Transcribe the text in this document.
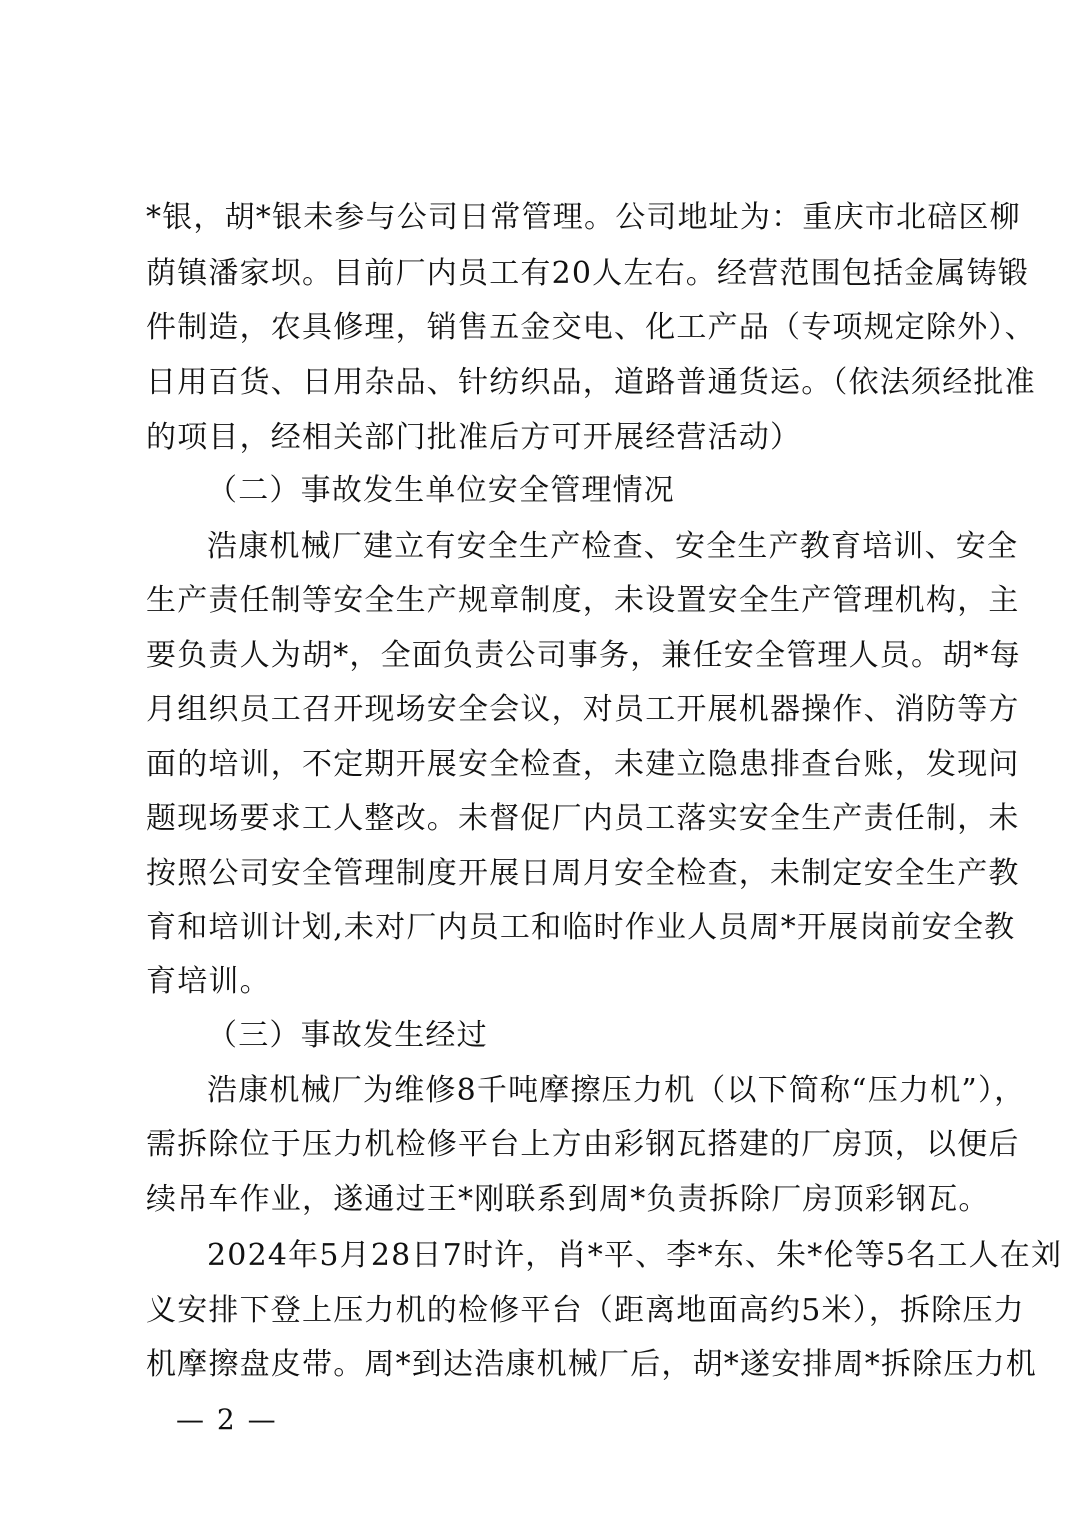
*银，胡*银未参与公司日常管理。公司地址为：重庆市北碚区柳
荫镇潘家坝。目前厂内员工有20人左右。经营范围包括金属铸锻
件制造，农具修理，销售五金交电、化工产品（专项规定除外）、
日用百货、日用杂品、针纺织品，道路普通货运。（依法须经批准
的项目，经相关部门批准后方可开展经营活动）
（二）事故发生单位安全管理情况
浩康机械厂建立有安全生产检查、安全生产教育培训、安全
生产责任制等安全生产规章制度，未设置安全生产管理机构，主
要负责人为胡*，全面负责公司事务，兼任安全管理人员。胡*每
月组织员工召开现场安全会议，对员工开展机器操作、消防等方
面的培训，不定期开展安全检查，未建立隐患排查台账，发现问
题现场要求工人整改。未督促厂内员工落实安全生产责任制，未
按照公司安全管理制度开展日周月安全检查，未制定安全生产教
育和培训计划,未对厂内员工和临时作业人员周*开展岗前安全教
育培训。
（三）事故发生经过
浩康机械厂为维修8千吨摩擦压力机（以下简称“压力机”），
需拆除位于压力机检修平台上方由彩钢瓦搭建的厂房顶，以便后
续吊车作业，遂通过王*刚联系到周*负责拆除厂房顶彩钢瓦。
2024年5月28日7时许，肖*平、李*东、朱*伦等5名工人在刘
义安排下登上压力机的检修平台（距离地面高约5米），拆除压力
机摩擦盘皮带。周*到达浩康机械厂后，胡*遂安排周*拆除压力机
— 2 —
